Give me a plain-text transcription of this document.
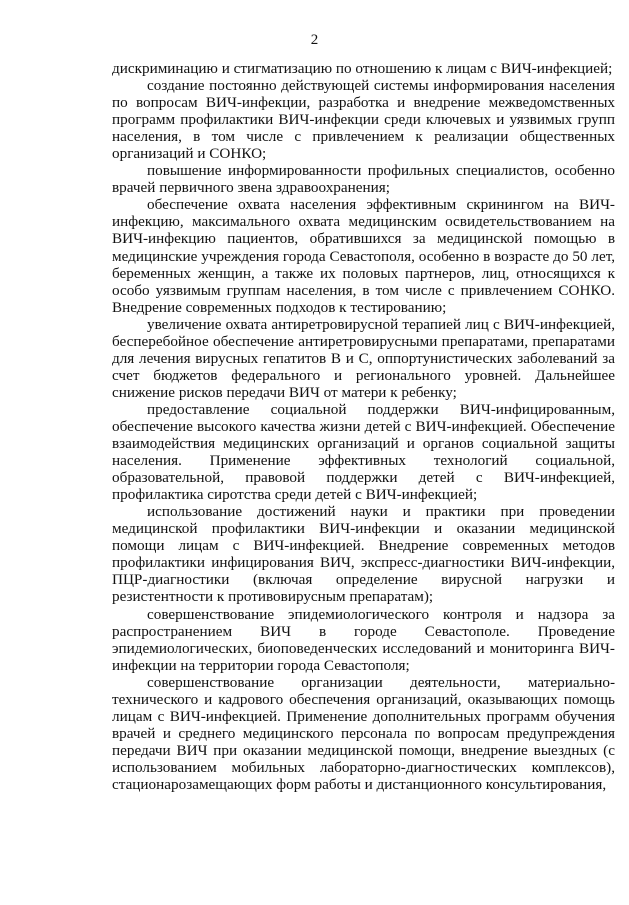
2

дискриминацию и стигматизацию по отношению к лицам с ВИЧ-инфекцией;

создание постоянно действующей системы информирования населения по вопросам ВИЧ-инфекции, разработка и внедрение межведомственных программ профилактики ВИЧ-инфекции среди ключевых и уязвимых групп населения, в том числе с привлечением к реализации общественных организаций и СОНКО;

повышение информированности профильных специалистов, особенно врачей первичного звена здравоохранения;

обеспечение охвата населения эффективным скринингом на ВИЧ-инфекцию, максимального охвата медицинским освидетельствованием на ВИЧ-инфекцию пациентов, обратившихся за медицинской помощью в медицинские учреждения города Севастополя, особенно в возрасте до 50 лет, беременных женщин, а также их половых партнеров, лиц, относящихся к особо уязвимым группам населения, в том числе с привлечением СОНКО. Внедрение современных подходов к тестированию;

увеличение охвата антиретровирусной терапией лиц с ВИЧ-инфекцией, бесперебойное обеспечение антиретровирусными препаратами, препаратами для лечения вирусных гепатитов В и С, оппортунистических заболеваний за счет бюджетов федерального и регионального уровней. Дальнейшее снижение рисков передачи ВИЧ от матери к ребенку;

предоставление социальной поддержки ВИЧ-инфицированным, обеспечение высокого качества жизни детей с ВИЧ-инфекцией. Обеспечение взаимодействия медицинских организаций и органов социальной защиты населения. Применение эффективных технологий социальной, образовательной, правовой поддержки детей с ВИЧ-инфекцией, профилактика сиротства среди детей с ВИЧ-инфекцией;

использование достижений науки и практики при проведении медицинской профилактики ВИЧ-инфекции и оказании медицинской помощи лицам с ВИЧ-инфекцией. Внедрение современных методов профилактики инфицирования ВИЧ, экспресс-диагностики ВИЧ-инфекции, ПЦР-диагностики (включая определение вирусной нагрузки и резистентности к противовирусным препаратам);

совершенствование эпидемиологического контроля и надзора за распространением ВИЧ в городе Севастополе. Проведение эпидемиологических, биоповеденческих исследований и мониторинга ВИЧ-инфекции на территории города Севастополя;

совершенствование организации деятельности, материально-технического и кадрового обеспечения организаций, оказывающих помощь лицам с ВИЧ-инфекцией. Применение дополнительных программ обучения врачей и среднего медицинского персонала по вопросам предупреждения передачи ВИЧ при оказании медицинской помощи, внедрение выездных (с использованием мобильных лабораторно-диагностических комплексов), стационарозамещающих форм работы и дистанционного консультирования,
